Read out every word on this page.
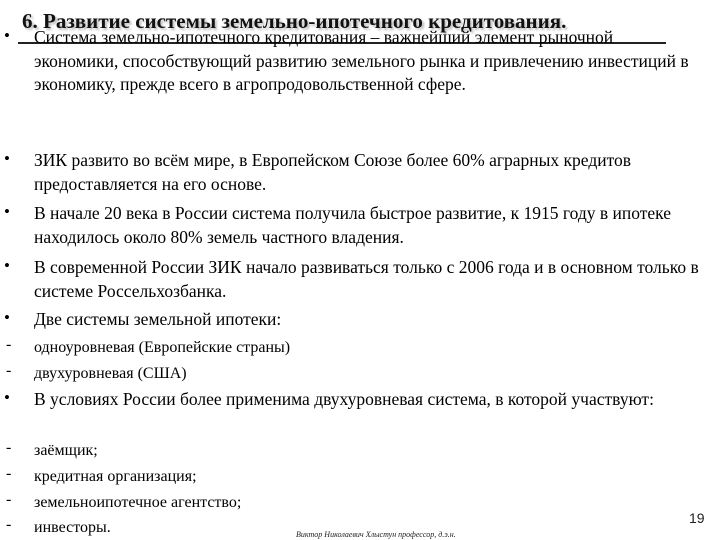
6. Развитие системы земельно-ипотечного кредитования.
•	Система земельно-ипотечного кредитования – важнейший элемент рыночной экономики, способствующий развитию земельного рынка и привлечению инвестиций в экономику, прежде всего в агропродовольственной сфере.
•	ЗИК развито во всём мире, в Европейском Союзе более 60% аграрных кредитов предоставляется на его основе.
•	В начале 20 века в России система получила быстрое развитие, к 1915 году в ипотеке находилось около 80% земель частного владения.
•	В современной России ЗИК начало развиваться только с 2006 года и в основном только в системе Россельхозбанка.
•	Две системы земельной ипотеки:
-	одноуровневая (Европейские страны)
-	двухуровневая (США)
•	В условиях России более применима двухуровневая система, в которой участвуют:
-	заёмщик;
-	кредитная организация;
-	земельноипотечное агентство;
-	инвесторы.	Виктор Николаевич Хлыстун профессор, д.э.н.
19
